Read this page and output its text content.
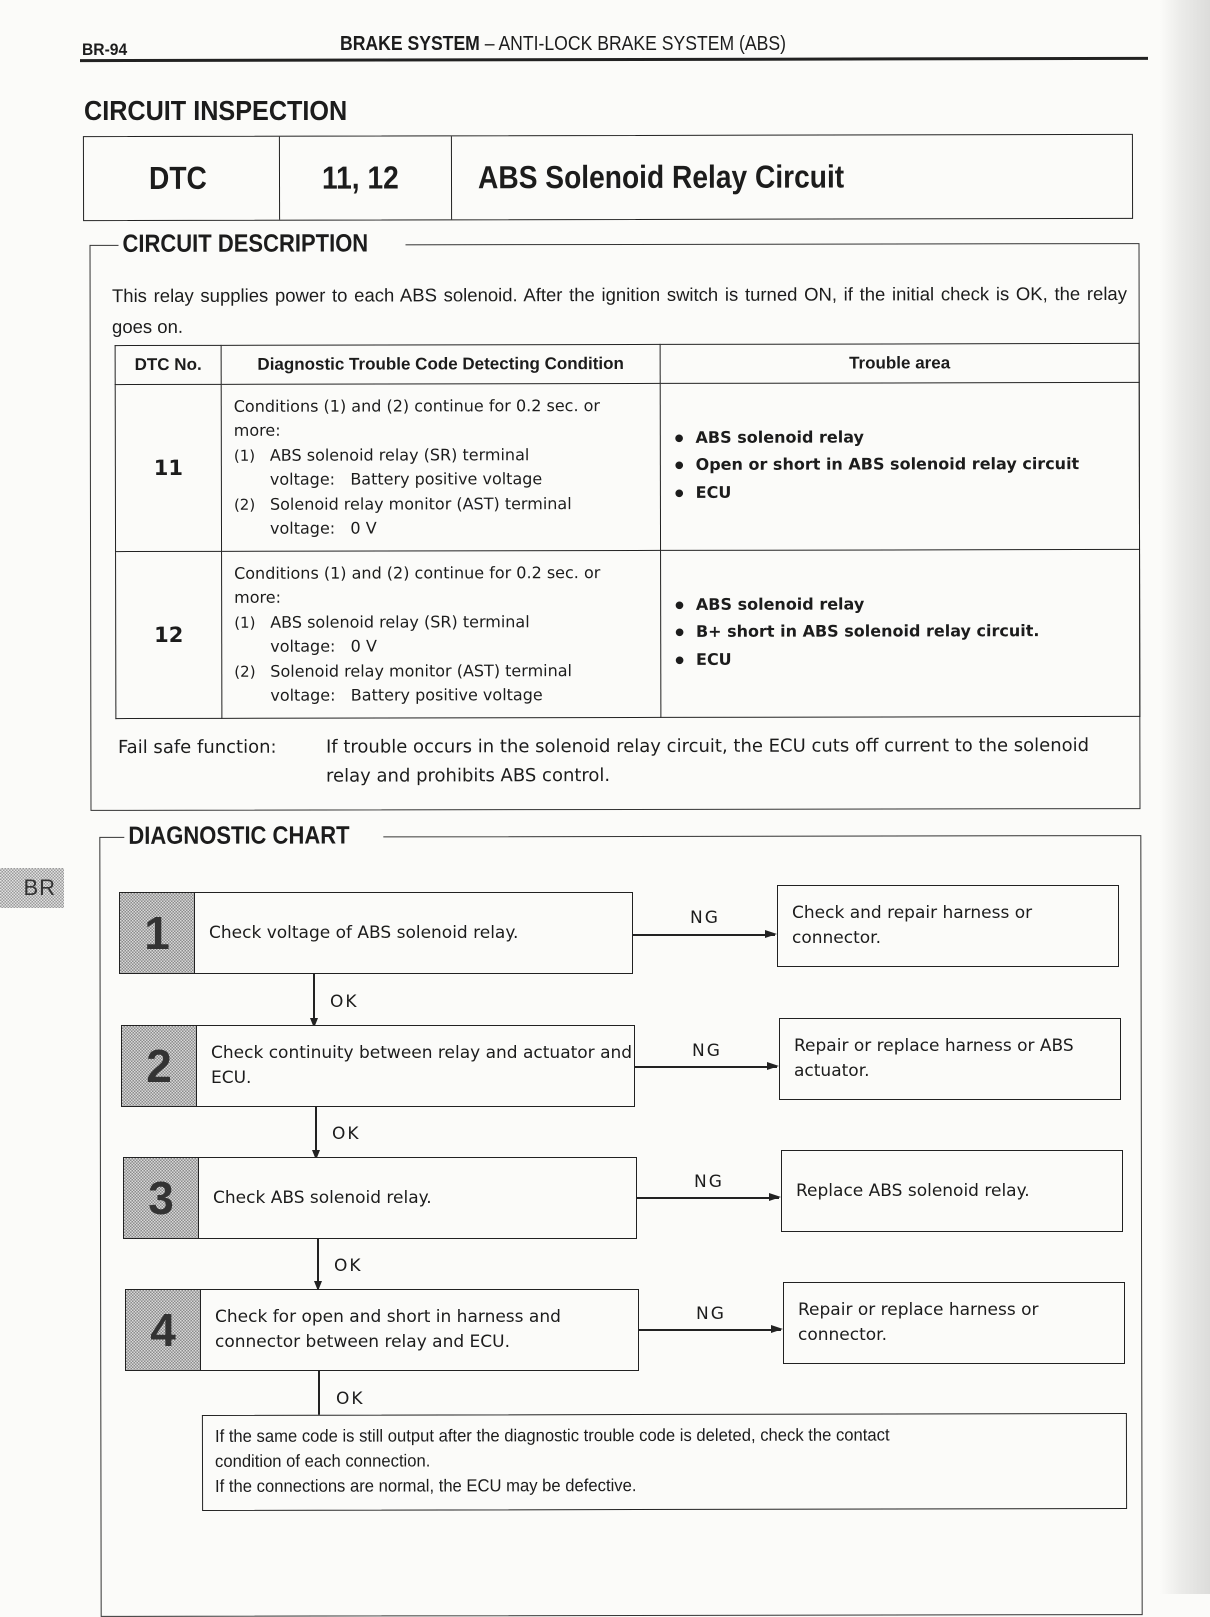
BR-94	BRAKE SYSTEM – ANTI-LOCK BRAKE SYSTEM (ABS)
CIRCUIT INSPECTION
DTC	11, 12 ABS Solenoid Relay Circuit
CIRCUIT DESCRIPTION
This relay supplies power to each ABS solenoid. After the ignition switch is turned ON, if the initial check is OK, the relay goes on.
DTC No.	Diagnostic Trouble Code Detecting Condition	Trouble area
11	
Conditions (1) and (2) continue for 0.2 sec. or more:
(1) ABS solenoid relay (SR) terminal
voltage:   Battery positive voltage
(2) Solenoid relay monitor (AST) terminal
voltage:   0 V

● ABS solenoid relay
● Open or short in ABS solenoid relay circuit
● ECU

12	
Conditions (1) and (2) continue for 0.2 sec. or more:
(1) ABS solenoid relay (SR) terminal
voltage:   0 V
(2) Solenoid relay monitor (AST) terminal
voltage:   Battery positive voltage

● ABS solenoid relay
● B+ short in ABS solenoid relay circuit.
● ECU
Fail safe function:	If trouble occurs in the solenoid relay circuit, the ECU cuts off current to the solenoid relay and prohibits ABS control.
BR
DIAGNOSTIC CHART
1	Check voltage of ABS solenoid relay.
NG	Check and repair harness or connector.
OK
2	Check continuity between relay and actuator and ECU.
NG	Repair or replace harness or ABS actuator.
OK
3	Check ABS solenoid relay.
NG	Replace ABS solenoid relay.
OK
4	Check for open and short in harness and connector between relay and ECU.
NG	Repair or replace harness or connector.
OK
If the same code is still output after the diagnostic trouble code is deleted, check the contact
condition of each connection.
If the connections are normal, the ECU may be defective.
